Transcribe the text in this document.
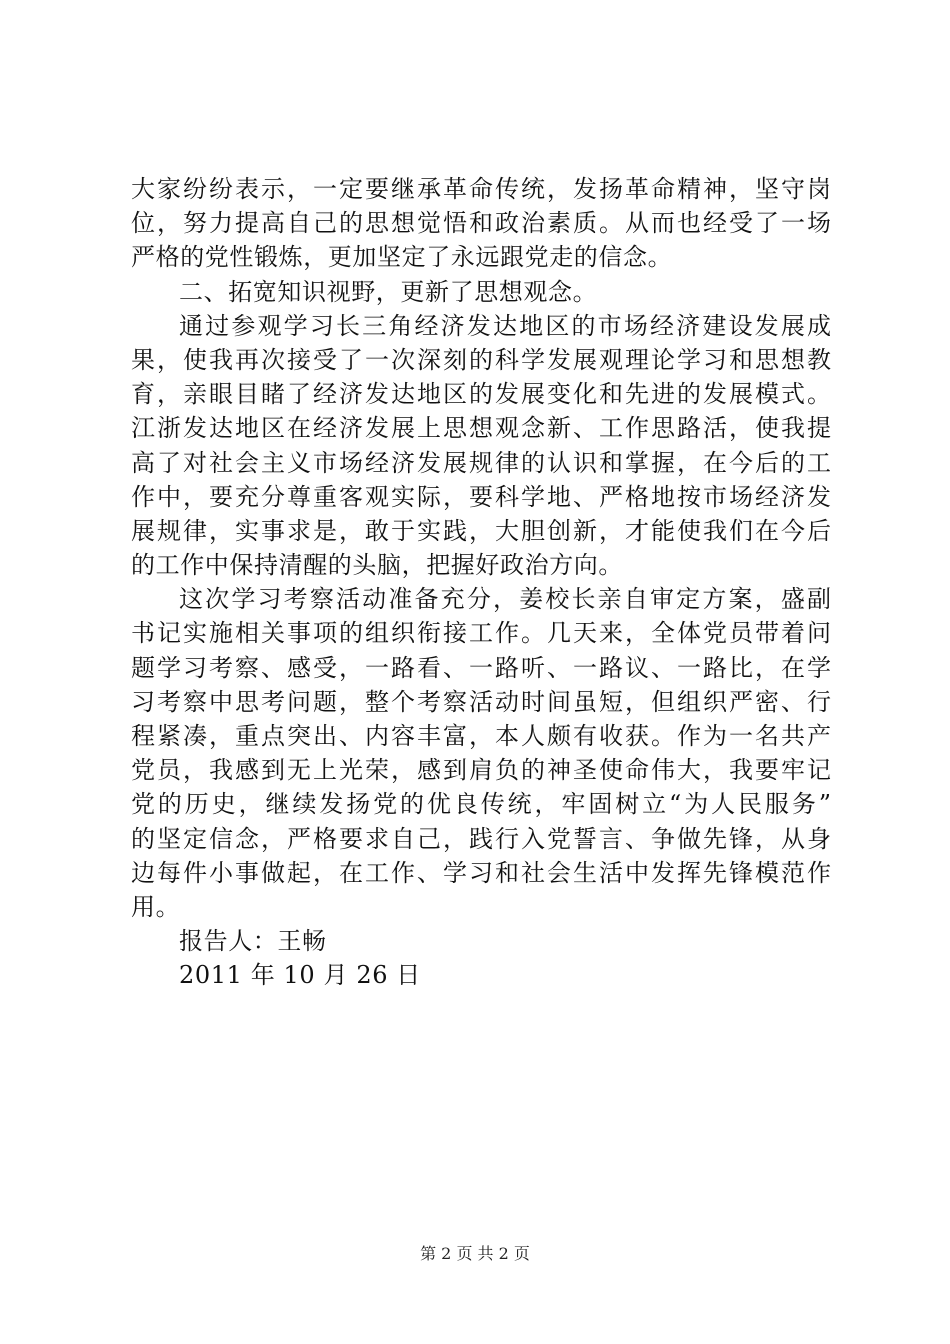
大家纷纷表示，一定要继承革命传统，发扬革命精神，坚守岗
位，努力提高自己的思想觉悟和政治素质。从而也经受了一场
严格的党性锻炼，更加坚定了永远跟党走的信念。
二、拓宽知识视野，更新了思想观念。
通过参观学习长三角经济发达地区的市场经济建设发展成
果，使我再次接受了一次深刻的科学发展观理论学习和思想教
育，亲眼目睹了经济发达地区的发展变化和先进的发展模式。
江浙发达地区在经济发展上思想观念新、工作思路活，使我提
高了对社会主义市场经济发展规律的认识和掌握，在今后的工
作中，要充分尊重客观实际，要科学地、严格地按市场经济发
展规律，实事求是，敢于实践，大胆创新，才能使我们在今后
的工作中保持清醒的头脑，把握好政治方向。
这次学习考察活动准备充分，姜校长亲自审定方案，盛副
书记实施相关事项的组织衔接工作。几天来，全体党员带着问
题学习考察、感受，一路看、一路听、一路议、一路比，在学
习考察中思考问题，整个考察活动时间虽短，但组织严密、行
程紧凑，重点突出、内容丰富，本人颇有收获。作为一名共产
党员，我感到无上光荣，感到肩负的神圣使命伟大，我要牢记
党的历史，继续发扬党的优良传统，牢固树立“为人民服务”
的坚定信念，严格要求自己，践行入党誓言、争做先锋，从身
边每件小事做起，在工作、学习和社会生活中发挥先锋模范作
用。
报告人：王畅
2011 年 10 月 26 日
第 2 页 共 2 页
